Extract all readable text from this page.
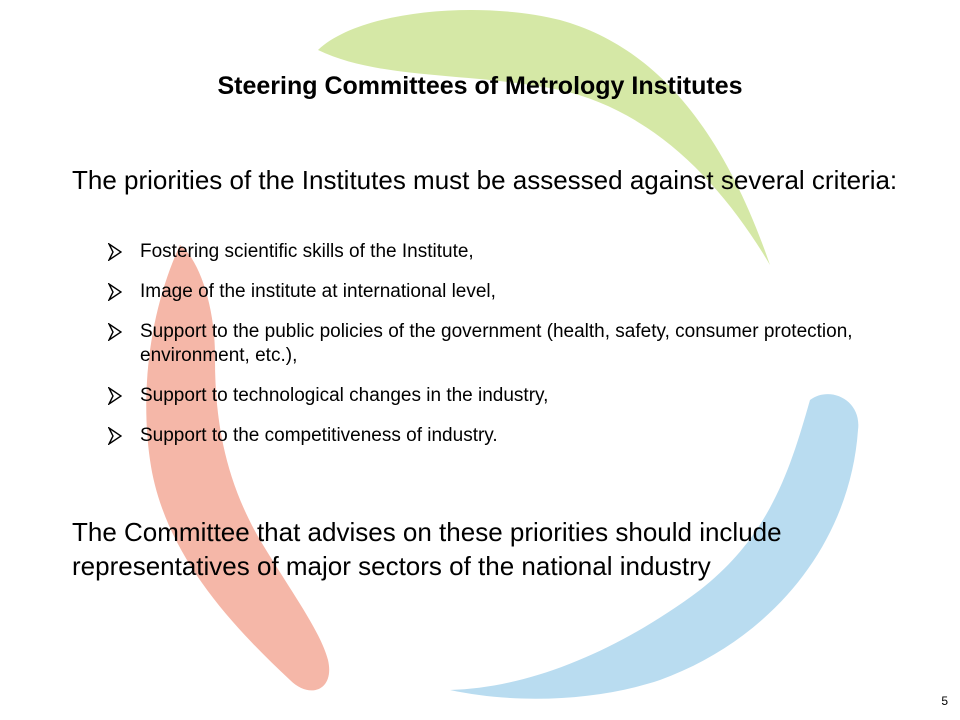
Steering Committees of Metrology Institutes

The priorities of the Institutes must be assessed against several criteria:

Fostering scientific skills of the Institute,
Image of the institute at international level,
Support to the public policies of the government (health, safety, consumer protection, environment, etc.),
Support to technological changes in the industry,
Support to the competitiveness of industry.

The Committee that advises on these priorities should include representatives of major sectors of the national industry

5
